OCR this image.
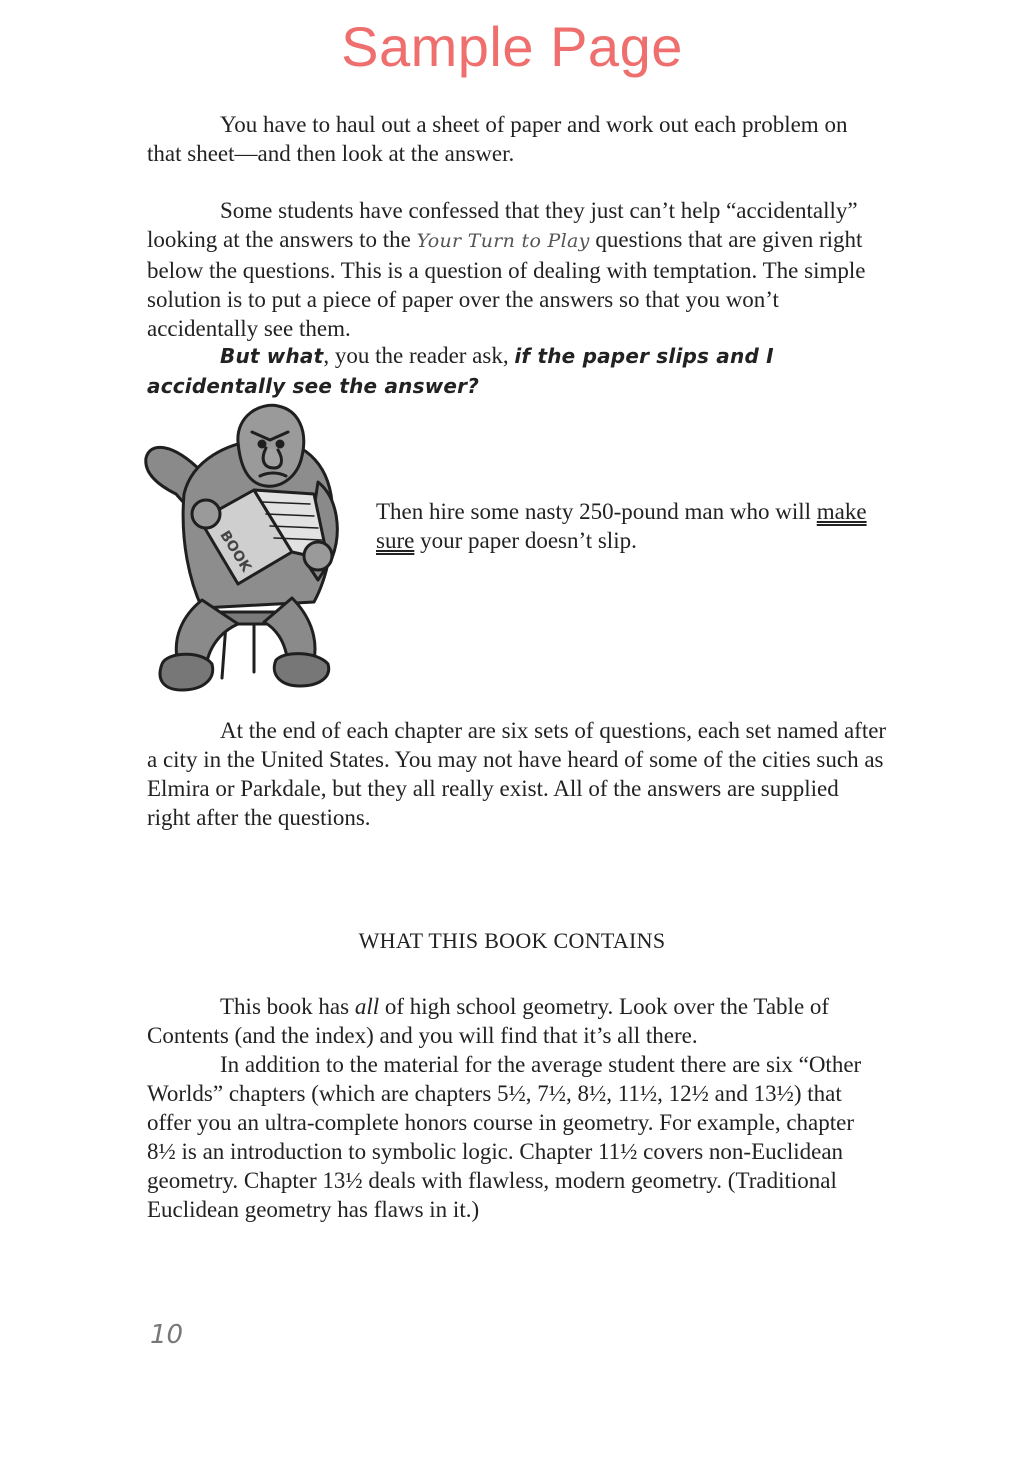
Sample Page

You have to haul out a sheet of paper and work out each problem on that sheet—and then look at the answer.

Some students have confessed that they just can’t help “accidentally” looking at the answers to the Your Turn to Play questions that are given right below the questions. This is a question of dealing with temptation. The simple solution is to put a piece of paper over the answers so that you won’t accidentally see them.

But what, you the reader ask, if the paper slips and I accidentally see the answer?

BOOK

Then hire some nasty 250-pound man who will make sure your paper doesn’t slip.

At the end of each chapter are six sets of questions, each set named after a city in the United States. You may not have heard of some of the cities such as Elmira or Parkdale, but they all really exist. All of the answers are supplied right after the questions.

WHAT THIS BOOK CONTAINS

This book has all of high school geometry. Look over the Table of Contents (and the index) and you will find that it’s all there.

In addition to the material for the average student there are six “Other Worlds” chapters (which are chapters 5½, 7½, 8½, 11½, 12½ and 13½) that offer you an ultra-complete honors course in geometry. For example, chapter 8½ is an introduction to symbolic logic. Chapter 11½ covers non-Euclidean geometry. Chapter 13½ deals with flawless, modern geometry. (Traditional Euclidean geometry has flaws in it.)

10
